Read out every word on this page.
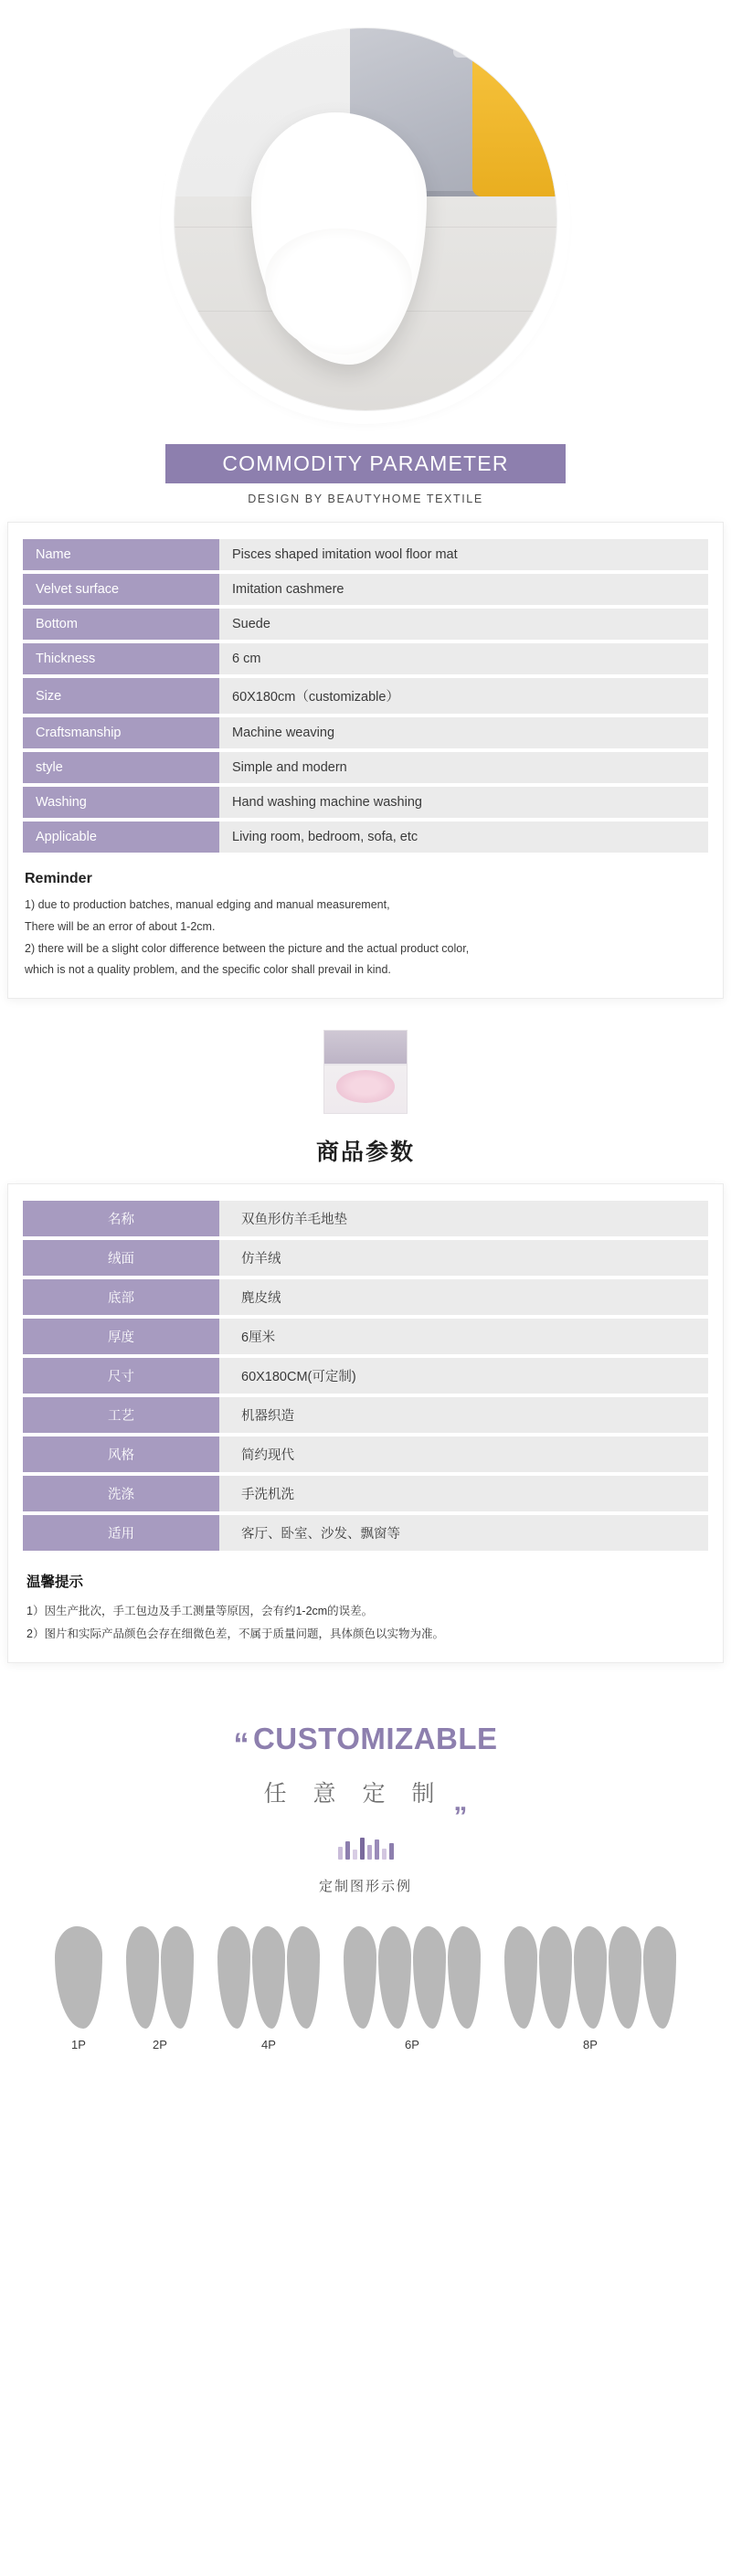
COMMODITY PARAMETER
DESIGN BY BEAUTYHOME TEXTILE
Name	Pisces shaped imitation wool floor mat
Velvet surface	Imitation cashmere
Bottom	Suede
Thickness	6 cm
Size	60X180cm（customizable）
Craftsmanship	Machine weaving
style	Simple and modern
Washing	Hand washing machine washing
Applicable	Living room, bedroom, sofa, etc
Reminder
1) due to production batches, manual edging and manual measurement,
There will be an error of about 1-2cm.
2) there will be a slight color difference between the picture and the actual product color,
which is not a quality problem, and the specific color shall prevail in kind.
商品参数
名称	双鱼形仿羊毛地垫
绒面	仿羊绒
底部	麂皮绒
厚度	6厘米
尺寸	60X180CM(可定制)
工艺	机器织造
风格	简约现代
洗涤	手洗机洗
适用	客厅、卧室、沙发、飘窗等
温馨提示
1）因生产批次，手工包边及手工测量等原因，会有约1-2cm的误差。
2）图片和实际产品颜色会存在细微色差，不属于质量问题，具体颜色以实物为准。
“ CUSTOMIZABLE
任 意 定 制 „
定制图形示例
1P	2P	4P	6P	8P
